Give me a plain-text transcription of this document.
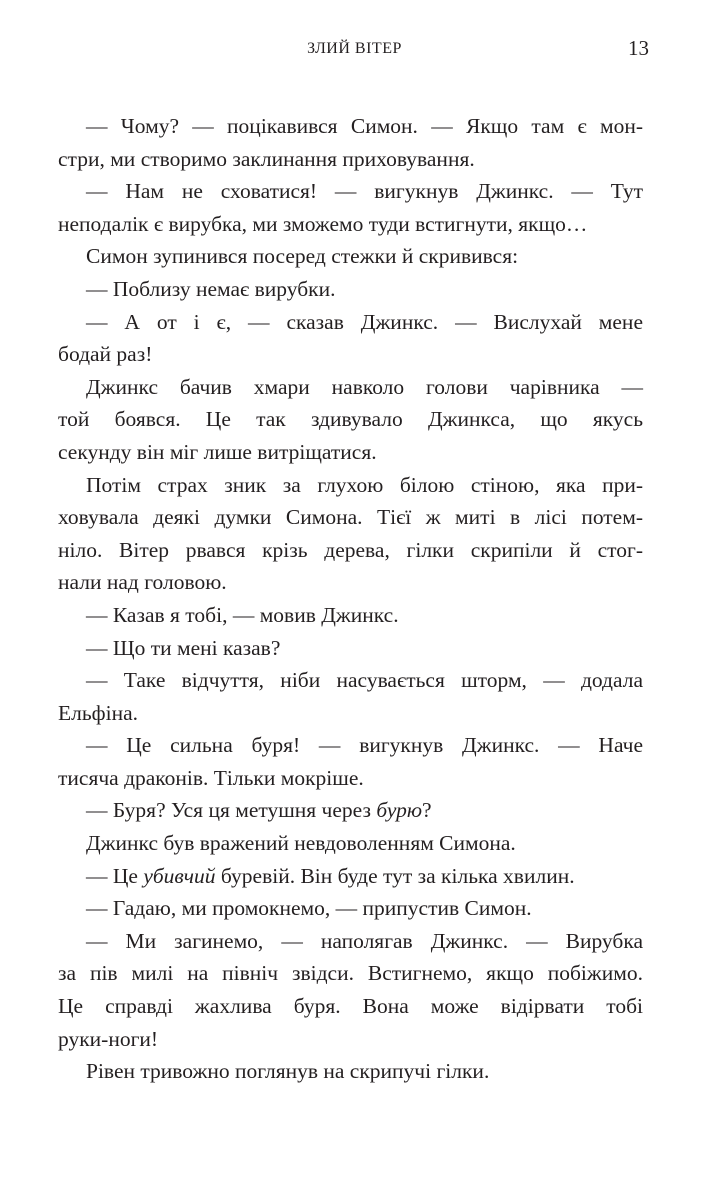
ЗЛИЙ ВІТЕР	13
— Чому? — поцікавився Симон. — Якщо там є мон-
стри, ми створимо заклинання приховування.
— Нам не сховатися! — вигукнув Джинкс. — Тут
неподалік є вирубка, ми зможемо туди встигнути, якщо…
Симон зупинився посеред стежки й скривився:
— Поблизу немає вирубки.
— А от і є, — сказав Джинкс. — Вислухай мене
бодай раз!
Джинкс бачив хмари навколо голови чарівника —
той боявся. Це так здивувало Джинкса, що якусь
секунду він міг лише витріщатися.
Потім страх зник за глухою білою стіною, яка при-
ховувала деякі думки Симона. Тієї ж миті в лісі потем-
ніло. Вітер рвався крізь дерева, гілки скрипіли й стог-
нали над головою.
— Казав я тобі, — мовив Джинкс.
— Що ти мені казав?
— Таке відчуття, ніби насувається шторм, — додала
Ельфіна.
— Це сильна буря! — вигукнув Джинкс. — Наче
тисяча драконів. Тільки мокріше.
— Буря? Уся ця метушня через бурю?
Джинкс був вражений невдоволенням Симона.
— Це убивчий буревій. Він буде тут за кілька хвилин.
— Гадаю, ми промокнемо, — припустив Симон.
— Ми загинемо, — наполягав Джинкс. — Вирубка
за пів милі на північ звідси. Встигнемо, якщо побіжимо.
Це справді жахлива буря. Вона може відірвати тобі
руки-ноги!
Рівен тривожно поглянув на скрипучі гілки.
